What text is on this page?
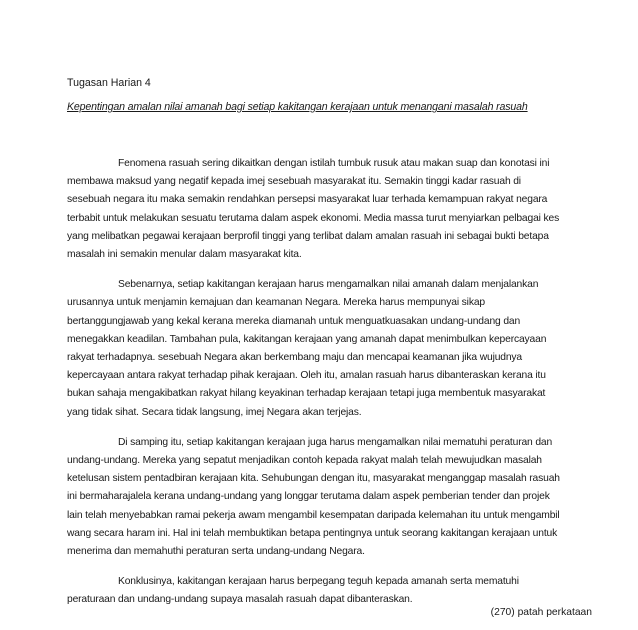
Tugasan Harian 4
Kepentingan amalan nilai amanah bagi setiap kakitangan kerajaan untuk menangani masalah rasuah

Fenomena rasuah sering dikaitkan dengan istilah tumbuk rusuk atau makan suap dan konotasi ini membawa maksud yang negatif kepada imej sesebuah masyarakat itu. Semakin tinggi kadar rasuah di sesebuah negara itu maka semakin rendahkan persepsi masyarakat luar terhada kemampuan rakyat negara terbabit untuk melakukan sesuatu terutama dalam aspek ekonomi. Media massa turut menyiarkan pelbagai kes yang melibatkan pegawai kerajaan berprofil tinggi yang terlibat dalam amalan rasuah ini sebagai bukti betapa masalah ini semakin menular dalam masyarakat kita.

Sebenarnya, setiap kakitangan kerajaan harus mengamalkan nilai amanah dalam menjalankan urusannya untuk menjamin kemajuan dan keamanan Negara. Mereka harus mempunyai sikap bertanggungjawab yang kekal kerana mereka diamanah untuk menguatkuasakan undang-undang dan menegakkan keadilan. Tambahan pula, kakitangan kerajaan yang amanah dapat menimbulkan kepercayaan rakyat terhadapnya. sesebuah Negara akan berkembang maju dan mencapai keamanan jika wujudnya kepercayaan antara rakyat terhadap pihak kerajaan. Oleh itu, amalan rasuah harus dibanteraskan kerana itu bukan sahaja mengakibatkan rakyat hilang keyakinan terhadap kerajaan tetapi juga membentuk masyarakat yang tidak sihat. Secara tidak langsung, imej Negara akan terjejas.

Di samping itu, setiap kakitangan kerajaan juga harus mengamalkan nilai mematuhi peraturan dan undang-undang. Mereka yang sepatut menjadikan contoh kepada rakyat malah telah mewujudkan masalah ketelusan sistem pentadbiran kerajaan kita. Sehubungan dengan itu, masyarakat menganggap masalah rasuah ini bermaharajalela kerana undang-undang yang longgar terutama dalam aspek pemberian tender dan projek lain telah menyebabkan ramai pekerja awam mengambil kesempatan daripada kelemahan itu untuk mengambil wang secara haram ini. Hal ini telah membuktikan betapa pentingnya untuk seorang kakitangan kerajaan untuk menerima dan memahuthi peraturan serta undang-undang Negara.

Konklusinya, kakitangan kerajaan harus berpegang teguh kepada amanah serta mematuhi peraturaan dan undang-undang supaya masalah rasuah dapat dibanteraskan.

(270) patah perkataan
